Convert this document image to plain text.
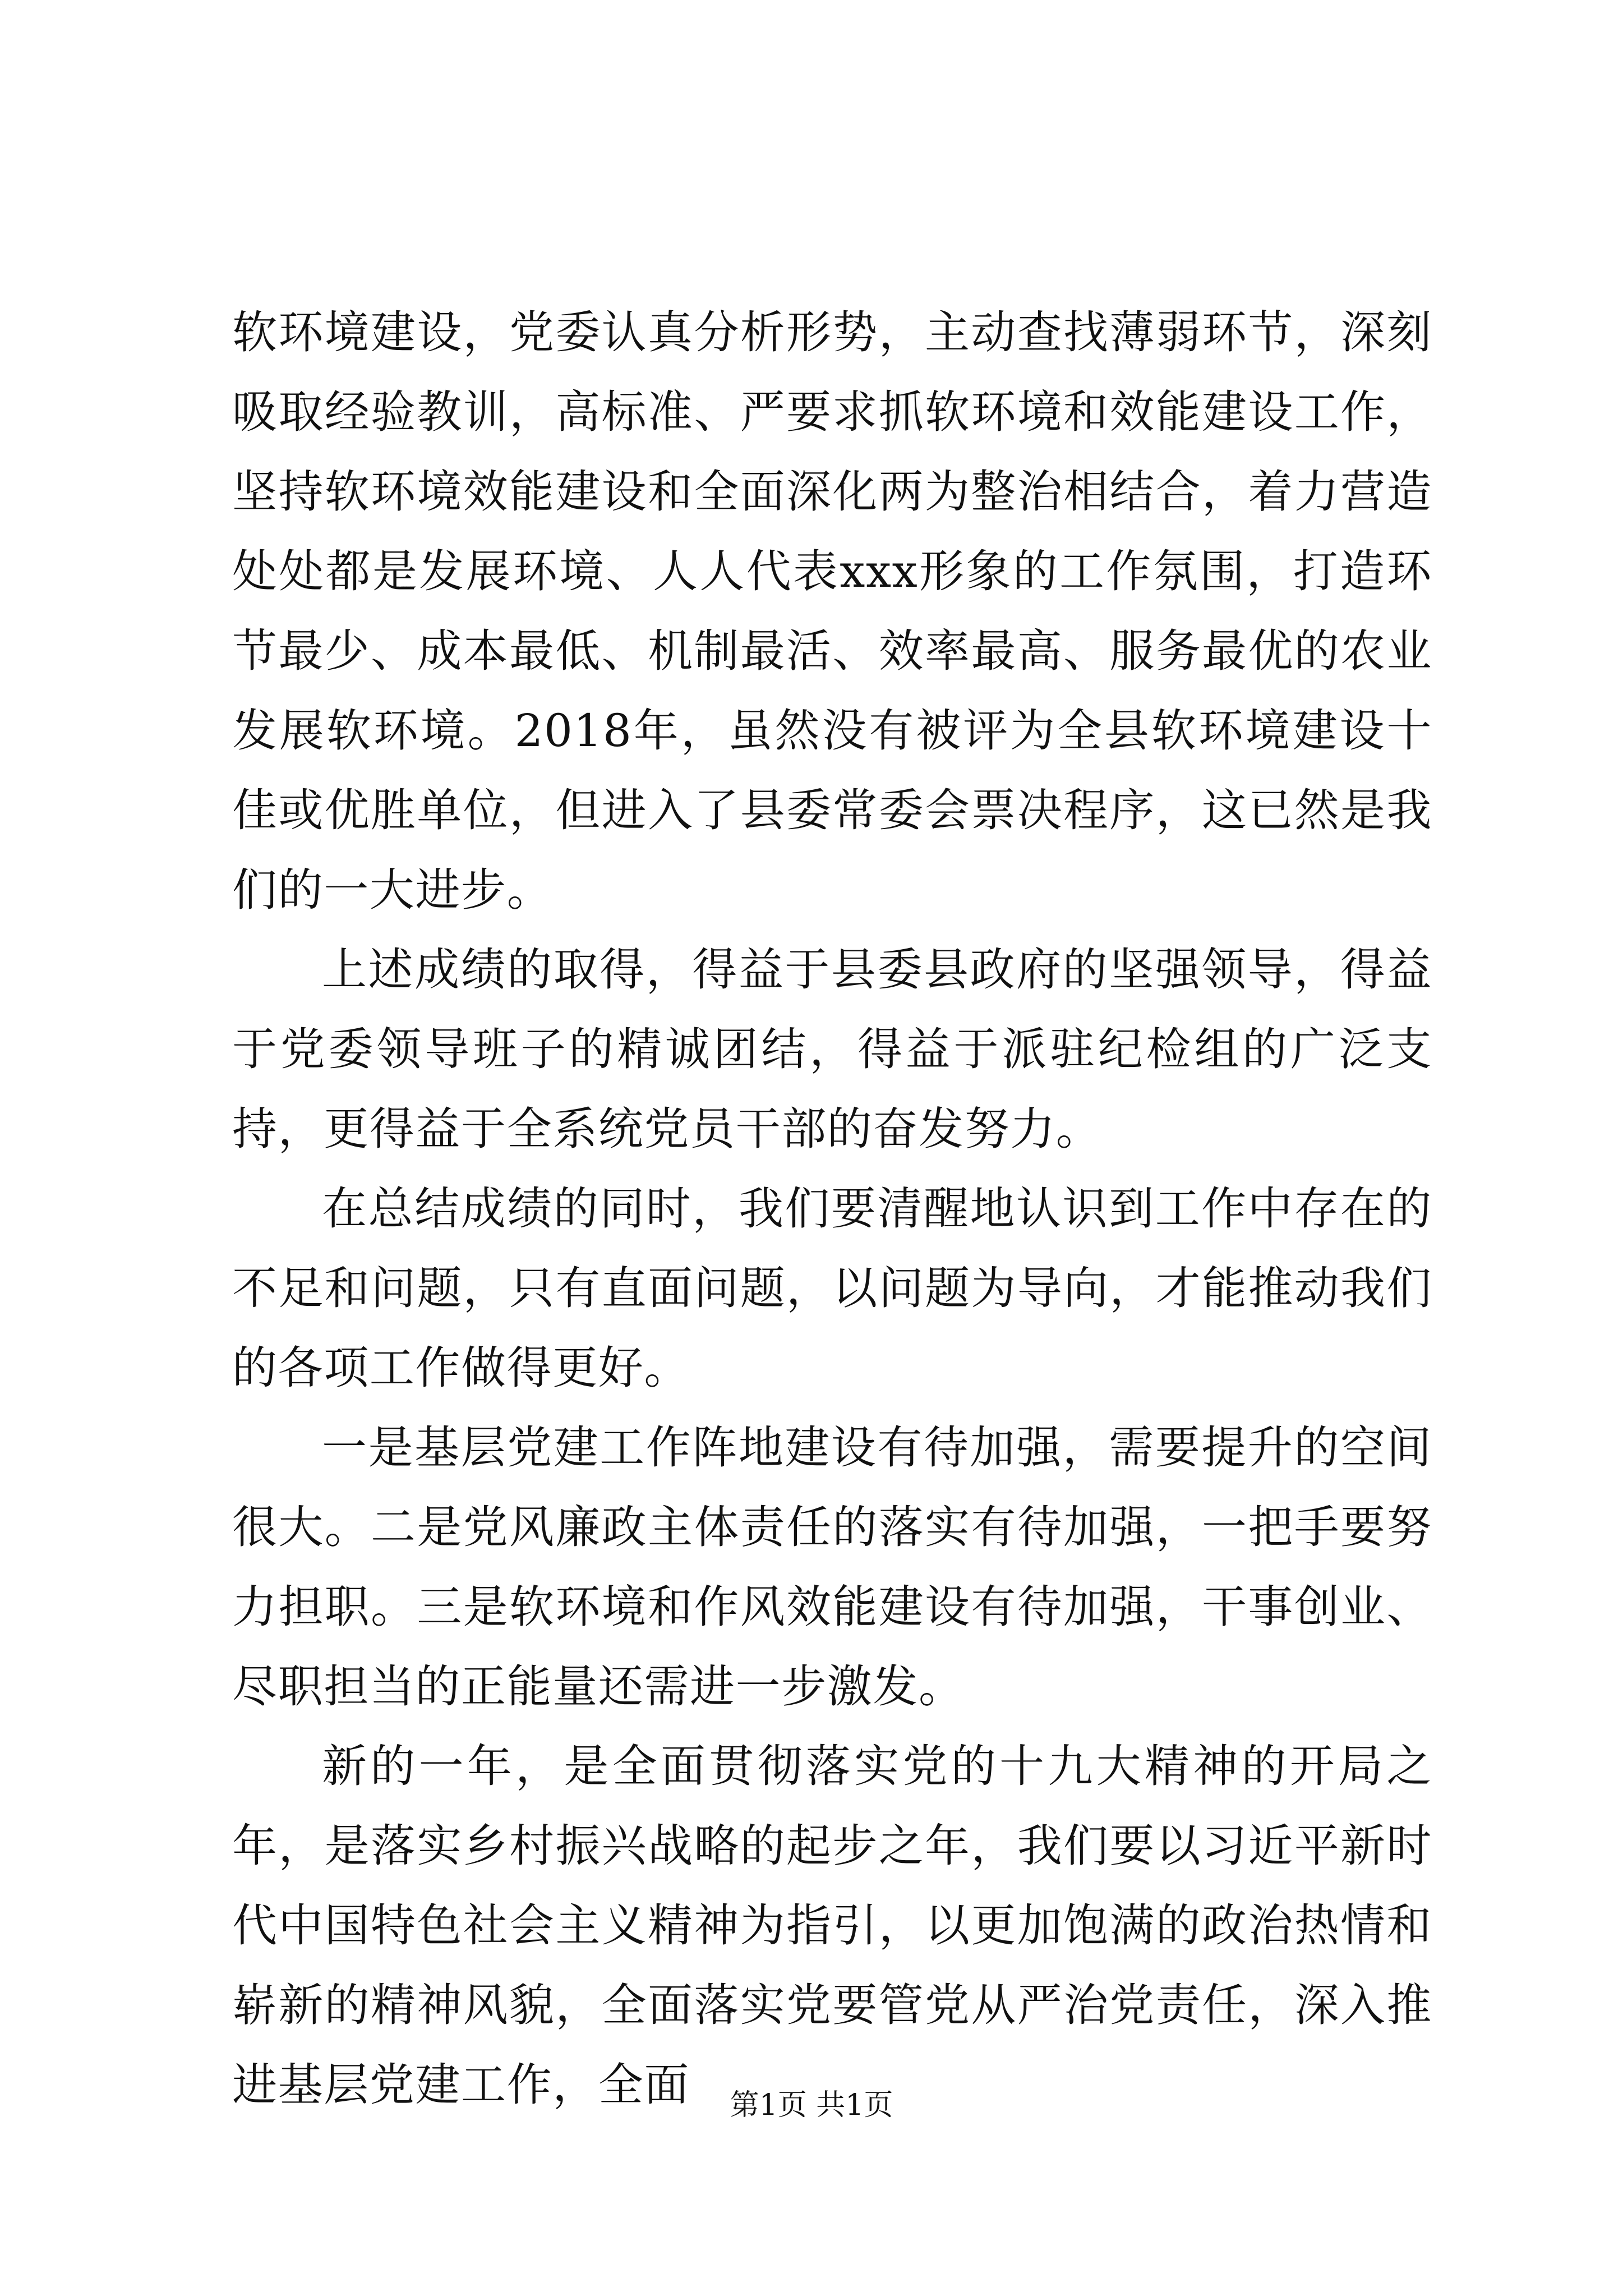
软环境建设，党委认真分析形势，主动查找薄弱环节，深刻吸取经验教训，高标准、严要求抓软环境和效能建设工作，坚持软环境效能建设和全面深化两为整治相结合，着力营造处处都是发展环境、人人代表xxx形象的工作氛围，打造环节最少、成本最低、机制最活、效率最高、服务最优的农业发展软环境。2018年，虽然没有被评为全县软环境建设十佳或优胜单位，但进入了县委常委会票决程序，这已然是我们的一大进步。

上述成绩的取得，得益于县委县政府的坚强领导，得益于党委领导班子的精诚团结，得益于派驻纪检组的广泛支持，更得益于全系统党员干部的奋发努力。

在总结成绩的同时，我们要清醒地认识到工作中存在的不足和问题，只有直面问题，以问题为导向，才能推动我们的各项工作做得更好。

一是基层党建工作阵地建设有待加强，需要提升的空间很大。二是党风廉政主体责任的落实有待加强，一把手要努力担职。三是软环境和作风效能建设有待加强，干事创业、尽职担当的正能量还需进一步激发。

新的一年，是全面贯彻落实党的十九大精神的开局之年，是落实乡村振兴战略的起步之年，我们要以习近平新时代中国特色社会主义精神为指引，以更加饱满的政治热情和崭新的精神风貌，全面落实党要管党从严治党责任，深入推进基层党建工作，全面	第1页 共1页
